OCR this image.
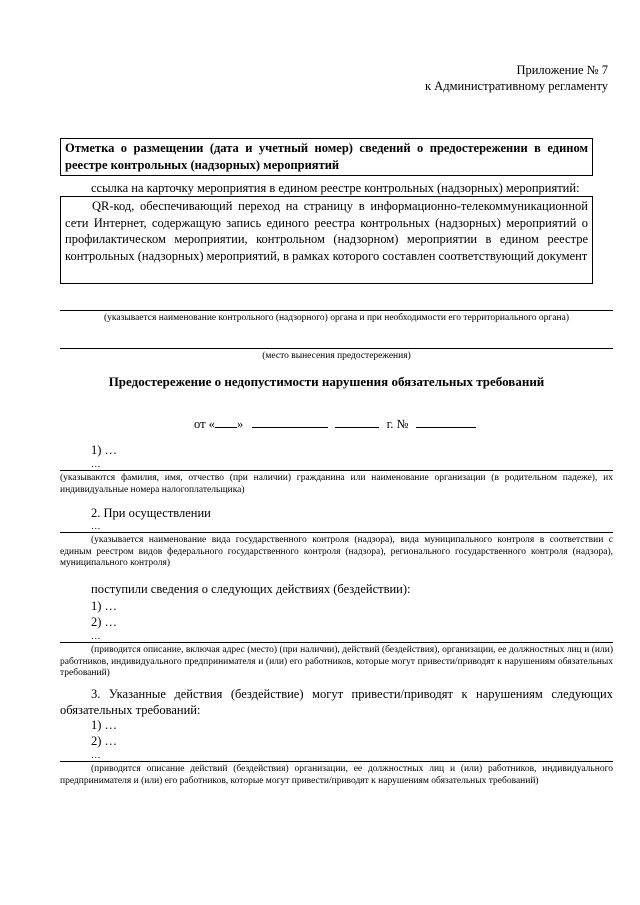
Приложение № 7
к Административному регламенту
Отметка о размещении (дата и учетный номер) сведений о предостережении в едином реестре контрольных (надзорных) мероприятий
ссылка на карточку мероприятия в едином реестре контрольных (надзорных) мероприятий:
QR-код, обеспечивающий переход на страницу в информационно-телекоммуникационной сети Интернет, содержащую запись единого реестра контрольных (надзорных) мероприятий о профилактическом мероприятии, контрольном (надзорном) мероприятии в едином реестре контрольных (надзорных) мероприятий, в рамках которого составлен соответствующий документ
(указывается наименование контрольного (надзорного) органа и при необходимости его территориального органа)
(место вынесения предостережения)
Предостережение о недопустимости нарушения обязательных требований
от « »	г. №
1) …
…
(указываются фамилия, имя, отчество (при наличии) гражданина или наименование организации (в родительном падеже), их индивидуальные номера налогоплательщика)
2. При осуществлении
…
(указывается наименование вида государственного контроля (надзора), вида муниципального контроля в соответствии с единым реестром видов федерального государственного контроля (надзора), регионального государственного контроля (надзора), муниципального контроля)
поступили сведения о следующих действиях (бездействии):
1) …
2) …
…
(приводится описание, включая адрес (место) (при наличии), действий (бездействия), организации, ее должностных лиц и (или) работников, индивидуального предпринимателя и (или) его работников, которые могут привести/приводят к нарушениям обязательных требований)
3. Указанные действия (бездействие) могут привести/приводят к нарушениям следующих обязательных требований:
1) …
2) …
…
(приводится описание действий (бездействия) организации, ее должностных лиц и (или) работников, индивидуального предпринимателя и (или) его работников, которые могут привести/приводят к нарушениям обязательных требований)
